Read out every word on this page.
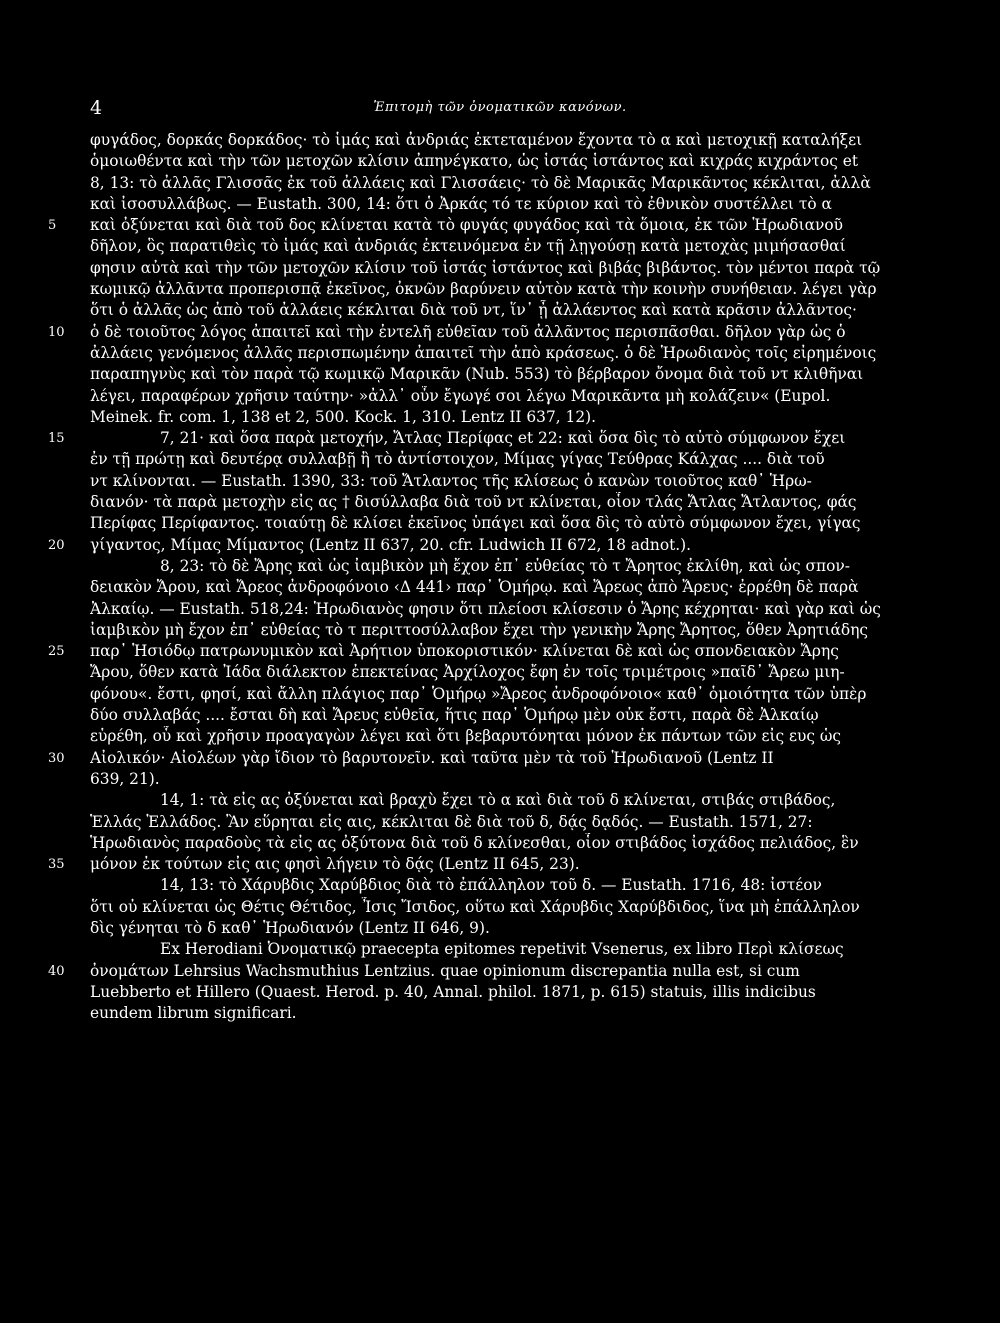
4	Ἐπιτομὴ τῶν ὀνοματικῶν κανόνων.
φυγάδος, δορκάς δορκάδος· τὸ ἱμάς καὶ ἀνδριάς ἐκτεταμένον ἔχοντα τὸ α καὶ μετοχικῇ καταλήξει
ὁμοιωθέντα καὶ τὴν τῶν μετοχῶν κλίσιν ἀπηνέγκατο, ὡς ἱστάς ἱστάντος καὶ κιχράς κιχράντος et
8, 13: τὸ ἀλλᾶς Γλισσᾶς ἐκ τοῦ ἀλλάεις καὶ Γλισσάεις· τὸ δὲ Μαρικᾶς Μαρικᾶντος κέκλιται, ἀλλὰ
καὶ ἰσοσυλλάβως. — Eustath. 300, 14: ὅτι ὁ Ἀρκάς τό τε κύριον καὶ τὸ ἐθνικὸν συστέλλει τὸ α
καὶ ὀξύνεται καὶ διὰ τοῦ δος κλίνεται κατὰ τὸ φυγάς φυγάδος καὶ τὰ ὅμοια, ἐκ τῶν Ἡρωδιανοῦ
δῆλον, ὃς παρατιθεὶς τὸ ἱμάς καὶ ἀνδριάς ἐκτεινόμενα ἐν τῇ λῃγούσῃ κατὰ μετοχὰς μιμήσασθαί
φησιν αὐτὰ καὶ τὴν τῶν μετοχῶν κλίσιν τοῦ ἱστάς ἱστάντος καὶ βιβάς βιβάντος. τὸν μέντοι παρὰ τῷ
κωμικῷ ἀλλᾶντα προπερισπᾷ ἐκεῖνος, ὀκνῶν βαρύνειν αὐτὸν κατὰ τὴν κοινὴν συνήθειαν. λέγει γὰρ
ὅτι ὁ ἀλλᾶς ὡς ἀπὸ τοῦ ἀλλάεις κέκλιται διὰ τοῦ ντ, ἵν᾽ ᾖ ἀλλάεντος καὶ κατὰ κρᾶσιν ἀλλᾶντος·
ὁ δὲ τοιοῦτος λόγος ἀπαιτεῖ καὶ τὴν ἐντελῆ εὐθεῖαν τοῦ ἀλλᾶντος περισπᾶσθαι. δῆλον γὰρ ὡς ὁ
ἀλλάεις γενόμενος ἀλλᾶς περισπωμένην ἀπαιτεῖ τὴν ἀπὸ κράσεως. ὁ δὲ Ἡρωδιανὸς τοῖς εἰρημένοις
παραπηγνὺς καὶ τὸν παρὰ τῷ κωμικῷ Μαρικᾶν (Nub. 553) τὸ βέρβαρον ὄνομα διὰ τοῦ ντ κλιθῆναι
λέγει, παραφέρων χρῆσιν ταύτην· »ἀλλ᾽ οὖν ἔγωγέ σοι λέγω Μαρικᾶντα μὴ κολάζειν« (Eupol.
Meinek. fr. com. 1, 138 et 2, 500. Kock. 1, 310. Lentz II 637, 12).
7, 21· καὶ ὅσα παρὰ μετοχήν, Ἄτλας Περίφας et 22: καὶ ὅσα δὶς τὸ αὐτὸ σύμφωνον ἔχει
ἐν τῇ πρώτῃ καὶ δευτέρᾳ συλλαβῇ ἢ τὸ ἀντίστοιχον, Μίμας γίγας Τεύθρας Κάλχας .... διὰ τοῦ
ντ κλίνονται. — Eustath. 1390, 33: τοῦ Ἄτλαντος τῆς κλίσεως ὁ κανὼν τοιοῦτος καθ᾽ Ἡρω-
διανόν· τὰ παρὰ μετοχὴν εἰς ας † δισύλλαβα διὰ τοῦ ντ κλίνεται, οἷον τλάς Ἄτλας Ἄτλαντος, φάς
Περίφας Περίφαντος. τοιαύτῃ δὲ κλίσει ἐκεῖνος ὑπάγει καὶ ὅσα δὶς τὸ αὐτὸ σύμφωνον ἔχει, γίγας
γίγαντος, Μίμας Μίμαντος (Lentz II 637, 20. cfr. Ludwich II 672, 18 adnot.).
8, 23: τὸ δὲ Ἄρης καὶ ὡς ἰαμβικὸν μὴ ἔχον ἐπ᾽ εὐθείας τὸ τ Ἄρητος ἐκλίθη, καὶ ὡς σπον-
δειακὸν Ἄρου, καὶ Ἄρεος ἀνδροφόνοιο ‹Δ 441› παρ᾽ Ὁμήρῳ. καὶ Ἄρεως ἀπὸ Ἄρευς· ἐρρέθη δὲ παρὰ
Ἀλκαίῳ. — Eustath. 518,24: Ἡρωδιανὸς φησιν ὅτι πλείοσι κλίσεσιν ὁ Ἄρης κέχρηται· καὶ γὰρ καὶ ὡς
ἰαμβικὸν μὴ ἔχον ἐπ᾽ εὐθείας τὸ τ περιττοσύλλαβον ἔχει τὴν γενικὴν Ἄρης Ἄρητος, ὅθεν Ἀρητιάδης
παρ᾽ Ἡσιόδῳ πατρωνυμικὸν καὶ Ἀρήτιον ὑποκοριστικόν· κλίνεται δὲ καὶ ὡς σπονδειακὸν Ἄρης
Ἄρου, ὅθεν κατὰ Ἰάδα διάλεκτον ἐπεκτείνας Ἀρχίλοχος ἔφη ἐν τοῖς τριμέτροις »παῖδ᾽ Ἄρεω μιη-
φόνου«. ἔστι, φησί, καὶ ἄλλη πλάγιος παρ᾽ Ὁμήρῳ »Ἄρεος ἀνδροφόνοιο« καθ᾽ ὁμοιότητα τῶν ὑπὲρ
δύο συλλαβάς .... ἔσται δὴ καὶ Ἄρευς εὐθεῖα, ἥτις παρ᾽ Ὁμήρῳ μὲν οὐκ ἔστι, παρὰ δὲ Ἀλκαίῳ
εὑρέθη, οὗ καὶ χρῆσιν προαγαγὼν λέγει καὶ ὅτι βεβαρυτόνηται μόνον ἐκ πάντων τῶν εἰς ευς ὡς
Αἰολικόν· Αἰολέων γὰρ ἴδιον τὸ βαρυτονεῖν. καὶ ταῦτα μὲν τὰ τοῦ Ἡρωδιανοῦ (Lentz II
639, 21).
14, 1: τὰ εἰς ας ὀξύνεται καὶ βραχὺ ἔχει τὸ α καὶ διὰ τοῦ δ κλίνεται, στιβάς στιβάδος,
Ἑλλάς Ἑλλάδος. Ἂν εὕρηται εἰς αις, κέκλιται δὲ διὰ τοῦ δ, δᾴς δᾳδός. — Eustath. 1571, 27:
Ἡρωδιανὸς παραδοὺς τὰ εἰς ας ὀξύτονα διὰ τοῦ δ κλίνεσθαι, οἷον στιβάδος ἰσχάδος πελιάδος, ἓν
μόνον ἐκ τούτων εἰς αις φησὶ λήγειν τὸ δᾴς (Lentz II 645, 23).
14, 13: τὸ Χάρυβδις Χαρύβδιος διὰ τὸ ἐπάλληλον τοῦ δ. — Eustath. 1716, 48: ἰστέον
ὅτι οὐ κλίνεται ὡς Θέτις Θέτιδος, Ἶσις Ἴσιδος, οὕτω καὶ Χάρυβδις Χαρύβδιδος, ἵνα μὴ ἐπάλληλον
δὶς γένηται τὸ δ καθ᾽ Ἡρωδιανόν (Lentz II 646, 9).
Ex Herodiani Ὀνοματικῷ praecepta epitomes repetivit Vsenerus, ex libro Περὶ κλίσεως
ὀνομάτων Lehrsius Wachsmuthius Lentzius. quae opinionum discrepantia nulla est, si cum
Luebberto et Hillero (Quaest. Herod. p. 40, Annal. philol. 1871, p. 615) statuis, illis indicibus
eundem librum significari.
5
10
15
20
25
30
35
40
